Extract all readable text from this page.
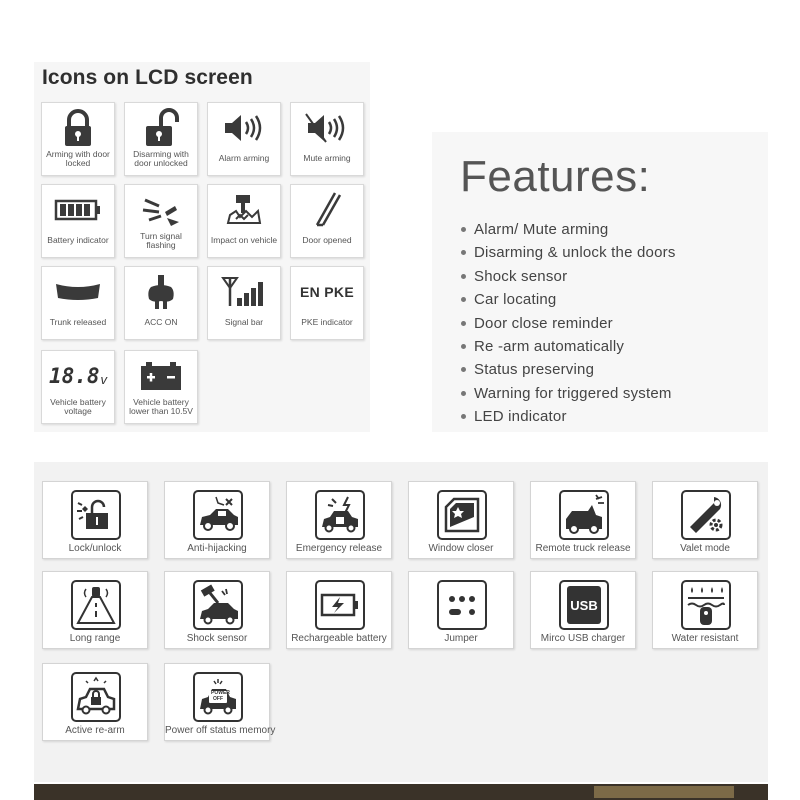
Icons on LCD screen
Arming with door locked
Disarming with door unlocked	Alarm arming	Mute arming
Battery indicator	Turn signal flashing	Impact on vehicle	Door opened
Trunk released	ACC ON	Signal bar
EN PKE
PKE indicator
18.8 v
Vehicle battery voltage
Vehicle battery lower than 10.5V
Features:
Alarm/ Mute arming
Disarming & unlock the doors
Shock sensor
Car locating
Door close reminder
Re -arm automatically
Status preserving
Warning for triggered system
LED indicator
Lock/unlock	Anti-hijacking	Emergency release	Window closer	Remote truck release	Valet mode
Long range	Shock sensor	Rechargeable battery	Jumper
USB
Mirco USB charger	Water resistant
Active re-arm
POWER OFF
Power off status memory
